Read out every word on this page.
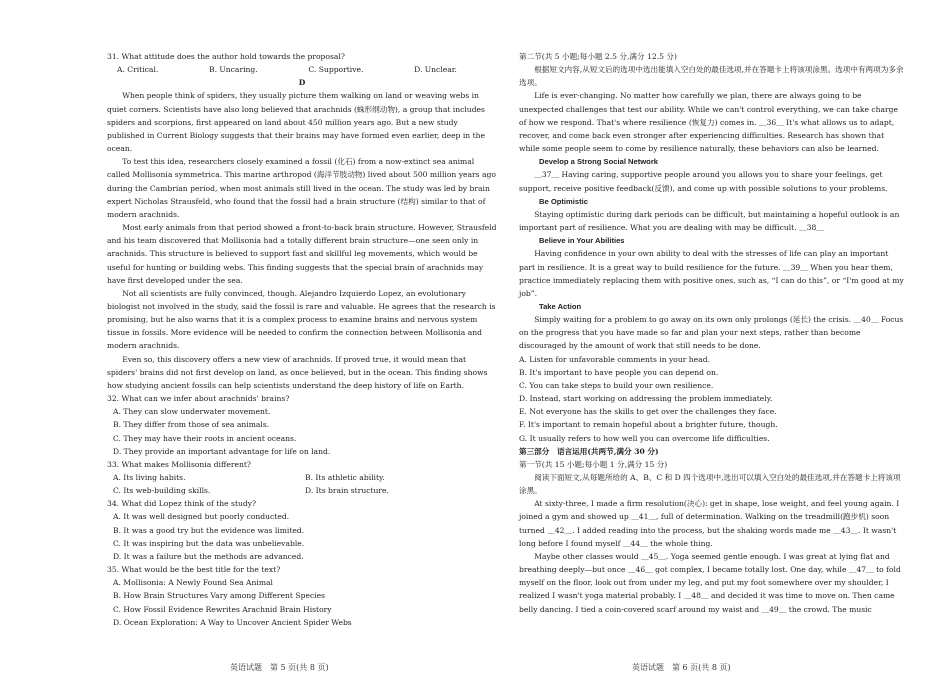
31. What attitude does the author hold towards the proposal?

A. Critical.	B. Uncaring.	C. Supportive.	D. Unclear.

D

When people think of spiders, they usually picture them walking on land or weaving webs in quiet corners. Scientists have also long believed that arachnids (蛛形纲动物), a group that includes spiders and scorpions, first appeared on land about 450 million years ago. But a new study published in Current Biology suggests that their brains may have formed even earlier, deep in the ocean.

To test this idea, researchers closely examined a fossil (化石) from a now-extinct sea animal called Mollisonia symmetrica. This marine arthropod (海洋节肢动物) lived about 500 million years ago during the Cambrian period, when most animals still lived in the ocean. The study was led by brain expert Nicholas Strausfeld, who found that the fossil had a brain structure (结构) similar to that of modern arachnids.

Most early animals from that period showed a front-to-back brain structure. However, Strausfeld and his team discovered that Mollisonia had a totally different brain structure—one seen only in arachnids. This structure is believed to support fast and skillful leg movements, which would be useful for hunting or building webs. This finding suggests that the special brain of arachnids may have first developed under the sea.

Not all scientists are fully convinced, though. Alejandro Izquierdo Lopez, an evolutionary biologist not involved in the study, said the fossil is rare and valuable. He agrees that the research is promising, but he also warns that it is a complex process to examine brains and nervous system tissue in fossils. More evidence will be needed to confirm the connection between Mollisonia and modern arachnids.

Even so, this discovery offers a new view of arachnids. If proved true, it would mean that spiders' brains did not first develop on land, as once believed, but in the ocean. This finding shows how studying ancient fossils can help scientists understand the deep history of life on Earth.

32. What can we infer about arachnids' brains?

A. They can slow underwater movement.

B. They differ from those of sea animals.

C. They may have their roots in ancient oceans.

D. They provide an important advantage for life on land.

33. What makes Mollisonia different?

A. Its living habits.	B. Its athletic ability.
C. Its web-building skills.	D. Its brain structure.

34. What did Lopez think of the study?

A. It was well designed but poorly conducted.

B. It was a good try but the evidence was limited.

C. It was inspiring but the data was unbelievable.

D. It was a failure but the methods are advanced.

35. What would be the best title for the text?

A. Mollisonia: A Newly Found Sea Animal

B. How Brain Structures Vary among Different Species

C. How Fossil Evidence Rewrites Arachnid Brain History

D. Ocean Exploration: A Way to Uncover Ancient Spider Webs

第二节(共 5 小题;每小题 2.5 分,满分 12.5 分)

根据短文内容,从短文后的选项中选出能填入空白处的最佳选项,并在答题卡上将该项涂黑。选项中有两项为多余选项。

Life is ever-changing. No matter how carefully we plan, there are always going to be unexpected challenges that test our ability. While we can't control everything, we can take charge of how we respond. That's where resilience (恢复力) comes in. ＿36＿ It's what allows us to adapt, recover, and come back even stronger after experiencing difficulties. Research has shown that while some people seem to come by resilience naturally, these behaviors can also be learned.

Develop a Strong Social Network

＿37＿ Having caring, supportive people around you allows you to share your feelings, get support, receive positive feedback(反馈), and come up with possible solutions to your problems.

Be Optimistic

Staying optimistic during dark periods can be difficult, but maintaining a hopeful outlook is an important part of resilience. What you are dealing with may be difficult. ＿38＿

Believe in Your Abilities

Having confidence in your own ability to deal with the stresses of life can play an important part in resilience. It is a great way to build resilience for the future. ＿39＿ When you hear them, practice immediately replacing them with positive ones, such as, “I can do this”, or “I'm good at my job”.

Take Action

Simply waiting for a problem to go away on its own only prolongs (延长) the crisis. ＿40＿ Focus on the progress that you have made so far and plan your next steps, rather than become discouraged by the amount of work that still needs to be done.

A. Listen for unfavorable comments in your head.

B. It's important to have people you can depend on.

C. You can take steps to build your own resilience.

D. Instead, start working on addressing the problem immediately.

E. Not everyone has the skills to get over the challenges they face.

F. It's important to remain hopeful about a brighter future, though.

G. It usually refers to how well you can overcome life difficulties.

第三部分　语言运用(共两节,满分 30 分)

第一节(共 15 小题;每小题 1 分,满分 15 分)

阅读下面短文,从每题所给的 A、B、C 和 D 四个选项中,选出可以填入空白处的最佳选项,并在答题卡上将该项涂黑。

At sixty-three, I made a firm resolution(决心): get in shape, lose weight, and feel young again. I joined a gym and showed up ＿41＿, full of determination. Walking on the treadmill(跑步机) soon turned ＿42＿. I added reading into the process, but the shaking words made me ＿43＿. It wasn't long before I found myself ＿44＿ the whole thing.

Maybe other classes would ＿45＿. Yoga seemed gentle enough. I was great at lying flat and breathing deeply—but once ＿46＿ got complex, I became totally lost. One day, while ＿47＿ to fold myself on the floor, look out from under my leg, and put my foot somewhere over my shoulder, I realized I wasn't yoga material probably. I ＿48＿ and decided it was time to move on. Then came belly dancing. I tied a coin-covered scarf around my waist and ＿49＿ the crowd. The music

英语试题　第 5 页(共 8 页)	英语试题　第 6 页(共 8 页)
